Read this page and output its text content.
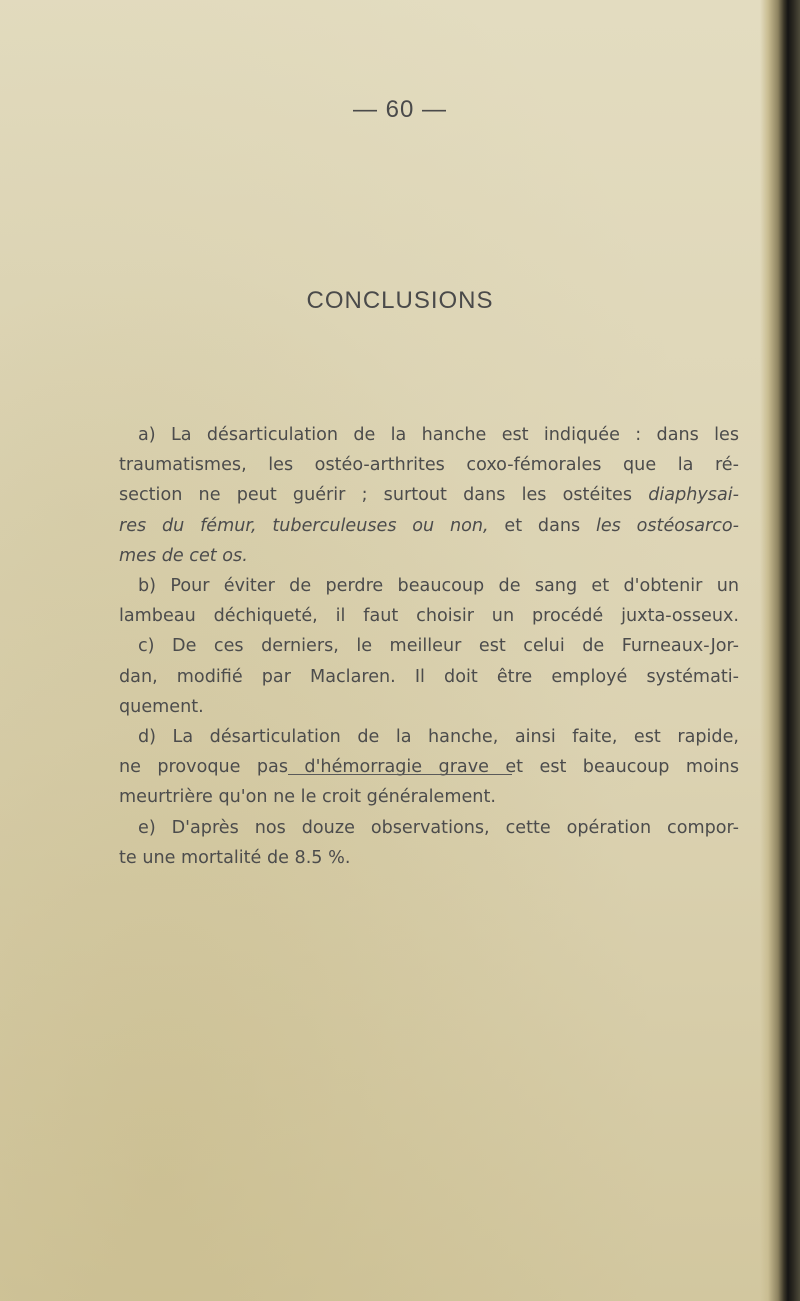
— 60 —
CONCLUSIONS
a) La désarticulation de la hanche est indiquée : dans les
traumatismes, les ostéo-arthrites coxo-fémorales que la ré-
section ne peut guérir ; surtout dans les ostéites diaphysai-
res du fémur, tuberculeuses ou non, et dans les ostéosarco-
mes de cet os.
b) Pour éviter de perdre beaucoup de sang et d'obtenir un
lambeau déchiqueté, il faut choisir un procédé juxta-osseux.
c) De ces derniers, le meilleur est celui de Furneaux-Jor-
dan, modifié par Maclaren. Il doit être employé systémati-
quement.
d) La désarticulation de la hanche, ainsi faite, est rapide,
ne provoque pas d'hémorragie grave et est beaucoup moins
meurtrière qu'on ne le croit généralement.
e) D'après nos douze observations, cette opération compor-
te une mortalité de 8.5 %.
